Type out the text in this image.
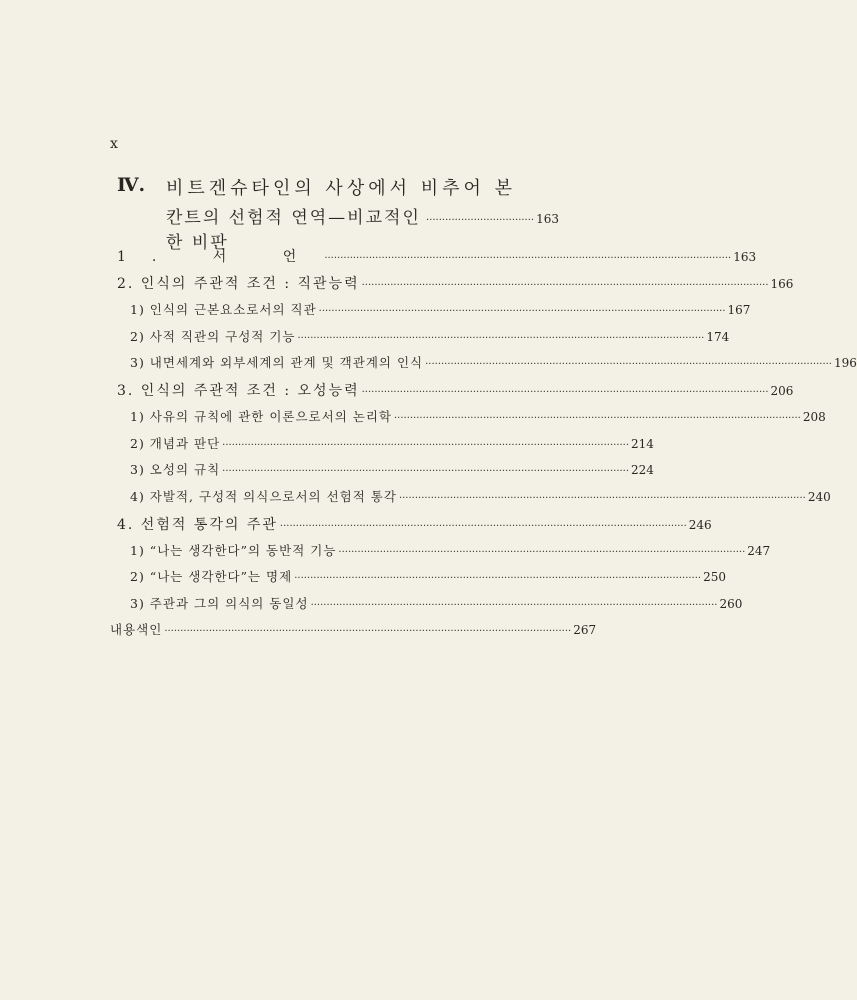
x
Ⅳ. 비트겐슈타인의 사상에서 비추어 본
칸트의 선험적 연역—비교적인 한 비판
·································· 163
1. 서 언 ································································································································ 163
2. 인식의 주관적 조건 : 직관능력 ································································································································ 166
1) 인식의 근본요소로서의 직관 ································································································································ 167
2) 사적 직관의 구성적 기능 ································································································································ 174
3) 내면세계와 외부세계의 관계 및 객관계의 인식 ································································································································ 196
3. 인식의 주관적 조건 : 오성능력 ································································································································ 206
1) 사유의 규칙에 관한 이론으로서의 논리학 ································································································································ 208
2) 개념과 판단 ································································································································ 214
3) 오성의 규칙 ································································································································ 224
4) 자발적, 구성적 의식으로서의 선험적 통각 ································································································································ 240
4. 선험적 통각의 주관 ································································································································ 246
1) “나는 생각한다”의 동반적 기능 ································································································································ 247
2) “나는 생각한다”는 명제 ································································································································ 250
3) 주관과 그의 의식의 동일성 ································································································································ 260
내용색인 ································································································································ 267
